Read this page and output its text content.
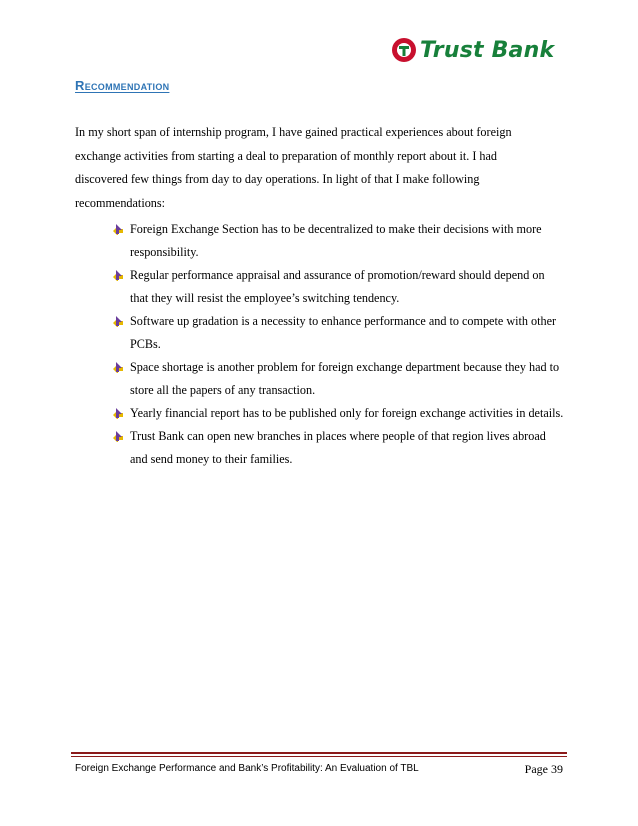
Trust Bank
Recommendation

In my short span of internship program, I have gained practical experiences about foreign exchange activities from starting a deal to preparation of monthly report about it. I had discovered few things from day to day operations. In light of that I make following recommendations:

Foreign Exchange Section has to be decentralized to make their decisions with more responsibility.
Regular performance appraisal and assurance of promotion/reward should depend on that they will resist the employee’s switching tendency.
Software up gradation is a necessity to enhance performance and to compete with other PCBs.
Space shortage is another problem for foreign exchange department because they had to store all the papers of any transaction.
Yearly financial report has to be published only for foreign exchange activities in details.
Trust Bank can open new branches in places where people of that region lives abroad and send money to their families.
Foreign Exchange Performance and Bank’s Profitability: An Evaluation of TBL	Page 39
